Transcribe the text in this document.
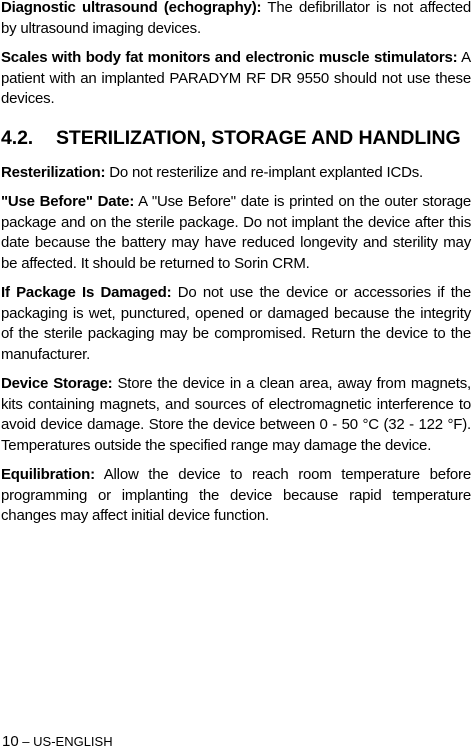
Diagnostic ultrasound (echography): The defibrillator is not affected by ultrasound imaging devices.

Scales with body fat monitors and electronic muscle stimulators: A patient with an implanted PARADYM RF DR 9550 should not use these devices.

4.2. STERILIZATION, STORAGE AND HANDLING

Resterilization: Do not resterilize and re-implant explanted ICDs.

"Use Before" Date: A "Use Before" date is printed on the outer storage package and on the sterile package. Do not implant the device after this date because the battery may have reduced longevity and sterility may be affected. It should be returned to Sorin CRM.

If Package Is Damaged: Do not use the device or accessories if the packaging is wet, punctured, opened or damaged because the integrity of the sterile packaging may be compromised. Return the device to the manufacturer.

Device Storage: Store the device in a clean area, away from magnets, kits containing magnets, and sources of electromagnetic interference to avoid device damage. Store the device between 0 - 50 °C (32 - 122 °F). Temperatures outside the specified range may damage the device.

Equilibration: Allow the device to reach room temperature before programming or implanting the device because rapid temperature changes may affect initial device function.

10 – US-ENGLISH
